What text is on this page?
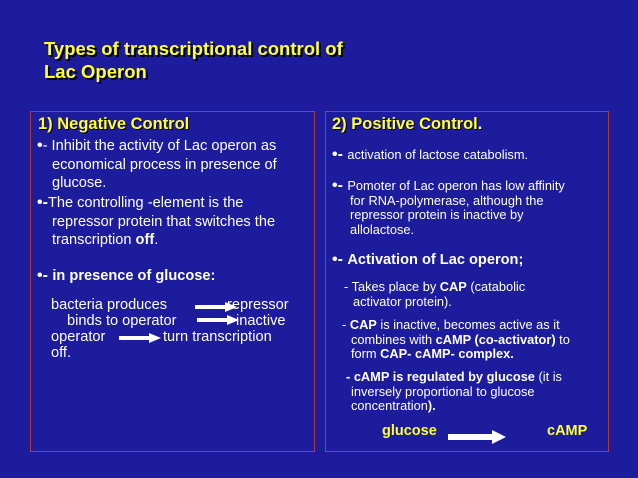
Types of transcriptional control of
Lac Operon
1) Negative Control
•- Inhibit the activity of Lac operon as
economical process in presence of
glucose.
•-The controlling -element is the
repressor protein that switches the
transcription off.
•- in presence of glucose:
bacteria produces	repressor
binds to operator	inactive
operator	turn transcription
off.
2) Positive Control.
•- activation of lactose catabolism.
•- Pomoter of Lac operon has low affinity
for RNA-polymerase, although the
repressor protein is inactive by
allolactose.
•- Activation of Lac operon;
- Takes place by CAP (catabolic
activator protein).
- CAP is inactive, becomes active as it
combines with cAMP (co-activator) to
form CAP- cAMP- complex.
- cAMP is regulated by glucose (it is
inversely proportional to glucose
concentration).
glucose	cAMP
